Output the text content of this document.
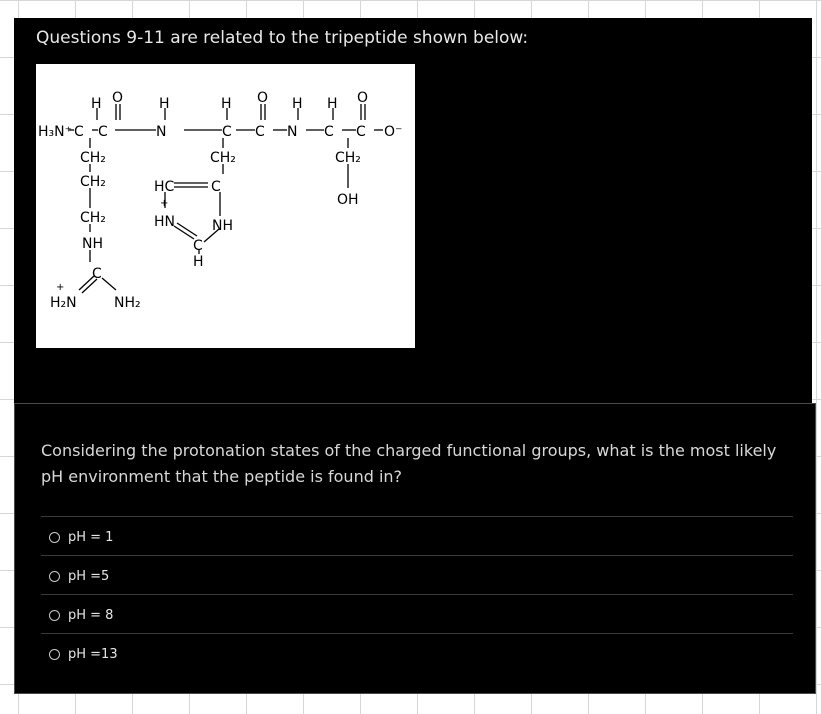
Questions 9-11 are related to the tripeptide shown below:
H₃N⁺
H
C
O
C
H
N
H
C
O
C
H
N
H
C
O
C O⁻
CH₂
CH₂
CH₂
NH
C
H₂N
+
NH₂
CH₂
HC	C
+
HN	NH
C
H
CH₂
OH
Considering the protonation states of the charged functional groups, what is the most likely pH environment that the peptide is found in?
pH = 1
pH =5
pH = 8
pH =13
